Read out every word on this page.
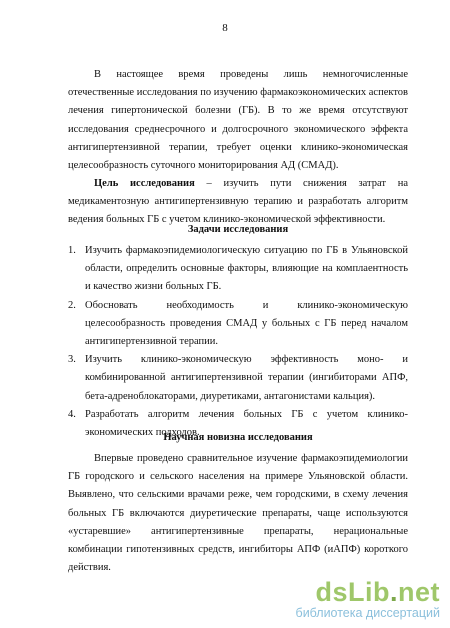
8

В настоящее время проведены лишь немногочисленные отечественные исследования по изучению фармакоэкономических аспектов лечения гипертонической болезни (ГБ). В то же время отсутствуют исследования среднесрочного и долгосрочного экономического эффекта антигипертензивной терапии, требует оценки клинико-экономическая целесообразность суточного мониторирования АД (СМАД).

Цель исследования – изучить пути снижения затрат на медикаментозную антигипертензивную терапию и разработать алгоритм ведения больных ГБ с учетом клинико-экономической эффективности.

Задачи исследования
1. Изучить фармакоэпидемиологическую ситуацию по ГБ в Ульяновской области, определить основные факторы, влияющие на комплаентность и качество жизни больных ГБ.
2. Обосновать необходимость и клинико-экономическую целесообразность проведения СМАД у больных с ГБ перед началом антигипертензивной терапии.
3. Изучить клинико-экономическую эффективность моно- и комбинированной антигипертензивной терапии (ингибиторами АПФ, бета-адреноблокаторами, диуретиками, антагонистами кальция).
4. Разработать алгоритм лечения больных ГБ с учетом клинико-экономических подходов.
Научная новизна исследования

Впервые проведено сравнительное изучение фармакоэпидемиологии ГБ городского и сельского населения на примере Ульяновской области. Выявлено, что сельскими врачами реже, чем городскими, в схему лечения больных ГБ включаются диуретические препараты, чаще используются «устаревшие» антигипертензивные препараты, нерациональные комбинации гипотензивных средств, ингибиторы АПФ (иАПФ) короткого действия.

dsLib.net
библиотека диссертаций
